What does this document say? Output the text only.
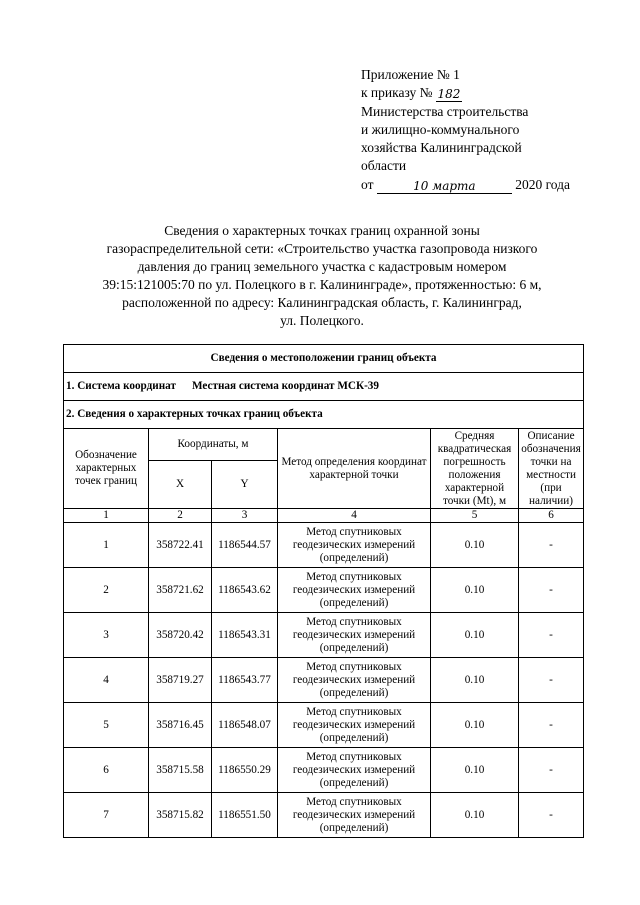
Приложение № 1
к приказу № 182
Министерства строительства
и жилищно-коммунального
хозяйства Калининградской
области
от	10 марта	2020 года
Сведения о характерных точках границ охранной зоны
газораспределительной сети: «Строительство участка газопровода низкого
давления до границ земельного участка с кадастровым номером
39:15:121005:70 по ул. Полецкого в г. Калининграде», протяженностью: 6 м,
расположенной по адресу: Калининградская область, г. Калининград,
ул. Полецкого.
Сведения о местоположении границ объекта					
1. Система координат Местная система координат МСК-39					
2. Сведения о характерных точках границ объекта					
Обозначение характерных точек границ	Координаты, м		Метод определения координат характерной точки	Средняя квадратическая погрешность положения характерной точки (Mt), м	Описание обозначения точки на местности (при наличии)
	X	Y			
1	2	3	4	5	6
1	358722.41	1186544.57	Метод спутниковых геодезических измерений (определений)	0.10	-
2	358721.62	1186543.62	Метод спутниковых геодезических измерений (определений)	0.10	-
3	358720.42	1186543.31	Метод спутниковых геодезических измерений (определений)	0.10	-
4	358719.27	1186543.77	Метод спутниковых геодезических измерений (определений)	0.10	-
5	358716.45	1186548.07	Метод спутниковых геодезических измерений (определений)	0.10	-
6	358715.58	1186550.29	Метод спутниковых геодезических измерений (определений)	0.10	-
7	358715.82	1186551.50	Метод спутниковых геодезических измерений (определений)	0.10	-
